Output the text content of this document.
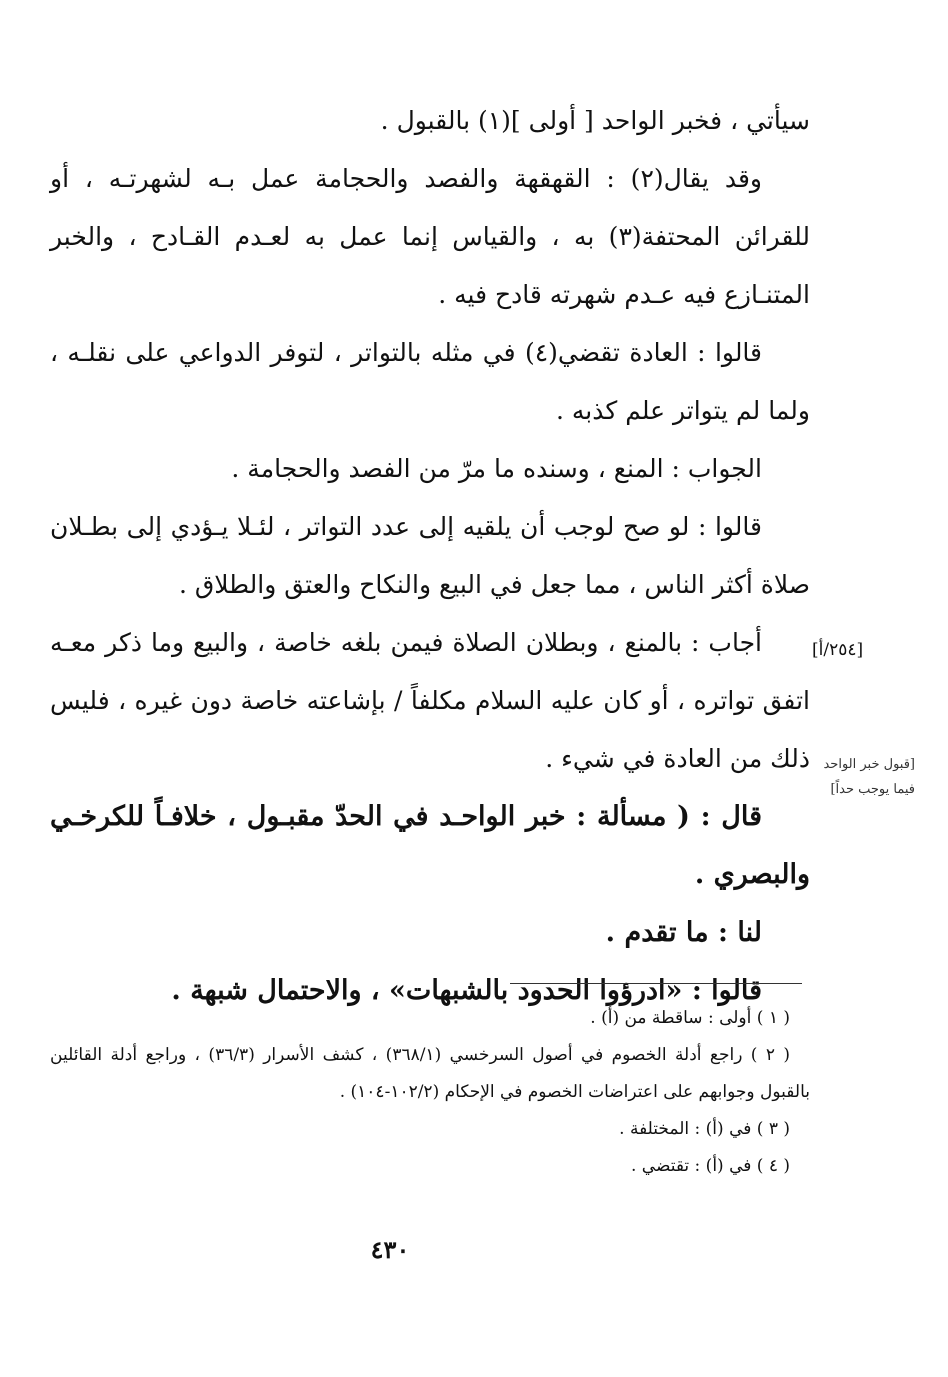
سيأتي ، فخبر الواحد [ أولى ](١) بالقبول .

وقد يقال(٢) : القهقهة والفصد والحجامة عمل بـه لشهرتـه ، أو للقرائن المحتفة(٣) به ، والقياس إنما عمل به لعـدم القـادح ، والخبر المتنـازع فيه عـدم شهرته قادح فيه .

قالوا : العادة تقضي(٤) في مثله بالتواتر ، لتوفر الدواعي على نقلـه ، ولما لم يتواتر علم كذبه .

الجواب : المنع ، وسنده ما مرّ من الفصد والحجامة .

قالوا : لو صح لوجب أن يلقيه إلى عدد التواتر ، لئـلا يـؤدي إلى بطـلان صلاة أكثر الناس ، مما جعل في البيع والنكاح والعتق والطلاق .

أجاب : بالمنع ، وبطلان الصلاة فيمن بلغه خاصة ، والبيع وما ذكر معـه اتفق تواتره ، أو كان عليه السلام مكلفاً / بإشاعته خاصة دون غيره ، فليس ذلك من العادة في شيء .

قال : ( مسألة : خبر الواحـد في الحدّ مقبـول ، خلافـاً للكرخـي والبصري .

لنا : ما تقدم .

قالوا : «ادرؤوا الحدود بالشبهات» ، والاحتمال شبهة .

[٢٥٤/أ]
[قبول خبر الواحد فيما يوجب حداً]

( ١ ) أولى : ساقطة من (أ) .

( ٢ ) راجع أدلة الخصوم في أصول السرخسي (٣٦٨/١) ، كشف الأسرار (٣٦/٣) ، وراجع أدلة القائلين بالقبول وجوابهم على اعتراضات الخصوم في الإحكام (١٠٢/٢-١٠٤) .

( ٣ ) في (أ) : المختلفة .

( ٤ ) في (أ) : تقتضي .

٤٣٠
